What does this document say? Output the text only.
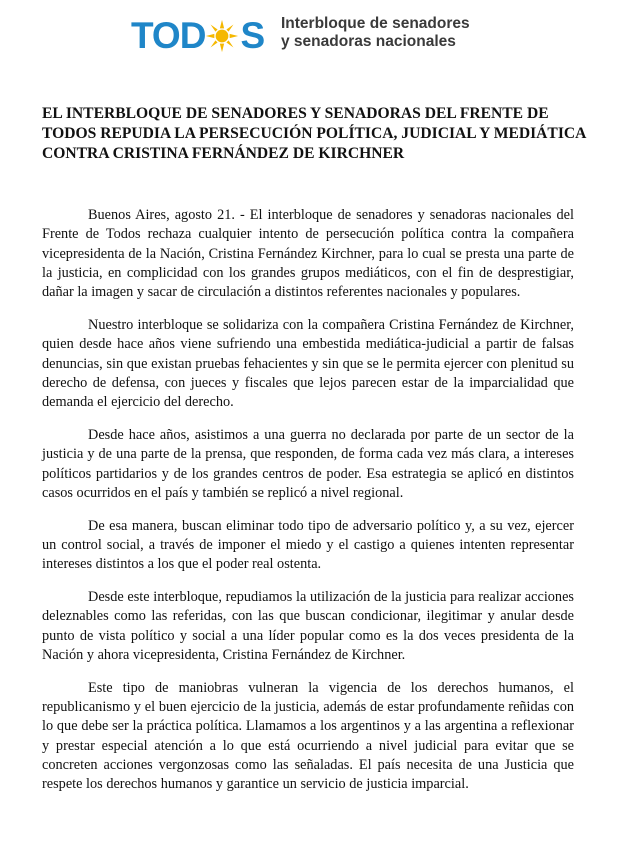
TOD S Interbloque de senadores
y senadoras nacionales
EL INTERBLOQUE DE SENADORES Y SENADORAS DEL FRENTE DE
TODOS REPUDIA LA PERSECUCIÓN POLÍTICA, JUDICIAL Y MEDIÁTICA
CONTRA CRISTINA FERNÁNDEZ DE KIRCHNER

Buenos Aires, agosto 21. - El interbloque de senadores y senadoras nacionales del Frente de Todos rechaza cualquier intento de persecución política contra la compañera vicepresidenta de la Nación, Cristina Fernández Kirchner, para lo cual se presta una parte de la justicia, en complicidad con los grandes grupos mediáticos, con el fin de desprestigiar, dañar la imagen y sacar de circulación a distintos referentes nacionales y populares.

Nuestro interbloque se solidariza con la compañera Cristina Fernández de Kirchner, quien desde hace años viene sufriendo una embestida mediática-judicial a partir de falsas denuncias, sin que existan pruebas fehacientes y sin que se le permita ejercer con plenitud su derecho de defensa, con jueces y fiscales que lejos parecen estar de la imparcialidad que demanda el ejercicio del derecho.

Desde hace años, asistimos a una guerra no declarada por parte de un sector de la justicia y de una parte de la prensa, que responden, de forma cada vez más clara, a intereses políticos partidarios y de los grandes centros de poder. Esa estrategia se aplicó en distintos casos ocurridos en el país y también se replicó a nivel regional.

De esa manera, buscan eliminar todo tipo de adversario político y, a su vez, ejercer un control social, a través de imponer el miedo y el castigo a quienes intenten representar intereses distintos a los que el poder real ostenta.

Desde este interbloque, repudiamos la utilización de la justicia para realizar acciones deleznables como las referidas, con las que buscan condicionar, ilegitimar y anular desde punto de vista político y social a una líder popular como es la dos veces presidenta de la Nación y ahora vicepresidenta, Cristina Fernández de Kirchner.

Este tipo de maniobras vulneran la vigencia de los derechos humanos, el republicanismo y el buen ejercicio de la justicia, además de estar profundamente reñidas con lo que debe ser la práctica política. Llamamos a los argentinos y a las argentina a reflexionar y prestar especial atención a lo que está ocurriendo a nivel judicial para evitar que se concreten acciones vergonzosas como las señaladas. El país necesita de una Justicia que respete los derechos humanos y garantice un servicio de justicia imparcial.
